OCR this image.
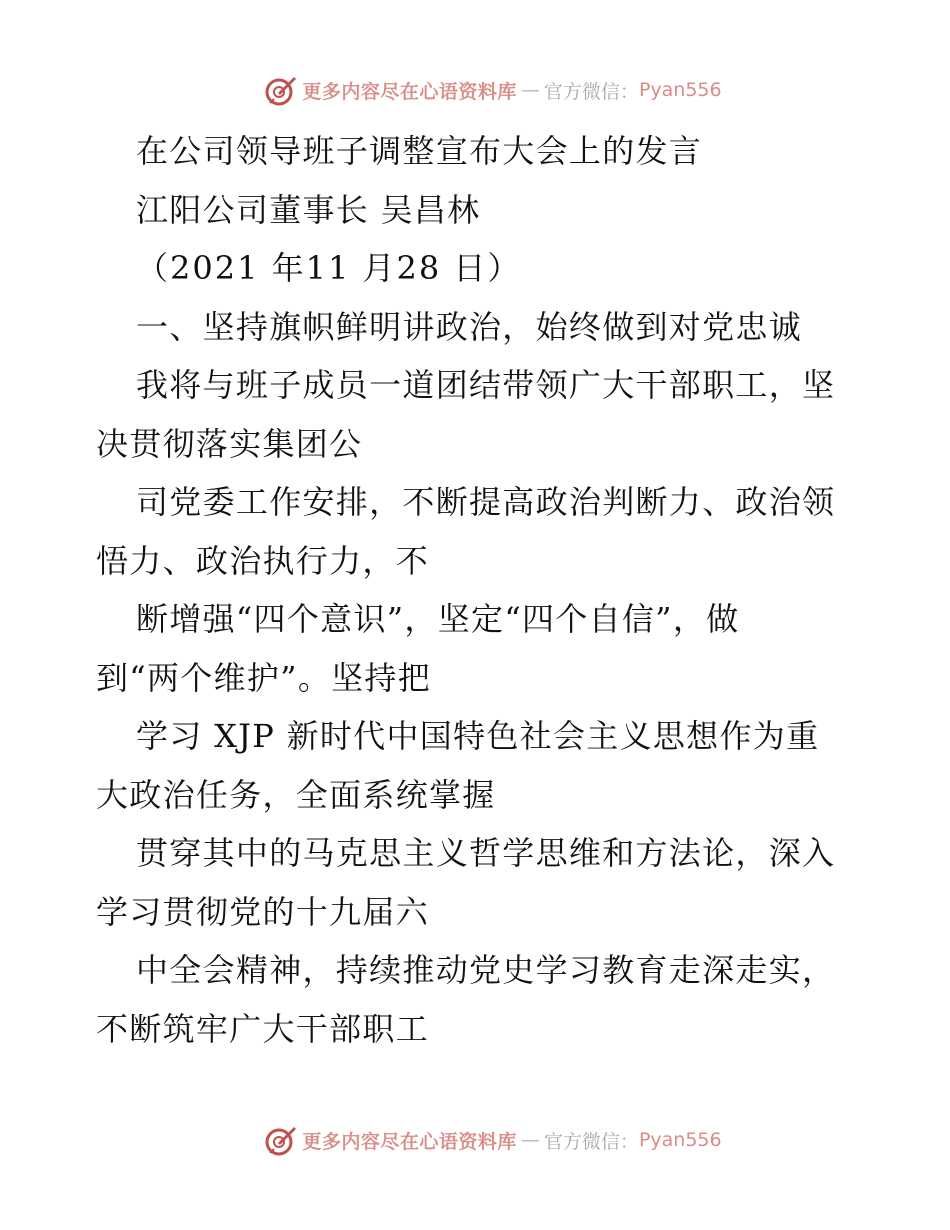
更多内容尽在心语资料库 — 官方微信： Pyan556
在公司领导班子调整宣布大会上的发言
江阳公司董事长 吴昌林
（2021 年11 月28 日）
一、坚持旗帜鲜明讲政治，始终做到对党忠诚
我将与班子成员一道团结带领广大干部职工，坚
决贯彻落实集团公
司党委工作安排，不断提高政治判断力、政治领
悟力、政治执行力，不
断增强“四个意识”，坚定“四个自信”，做
到“两个维护”。坚持把
学习 XJP 新时代中国特色社会主义思想作为重
大政治任务，全面系统掌握
贯穿其中的马克思主义哲学思维和方法论，深入
学习贯彻党的十九届六
中全会精神，持续推动党史学习教育走深走实，
不断筑牢广大干部职工
更多内容尽在心语资料库 — 官方微信： Pyan556
